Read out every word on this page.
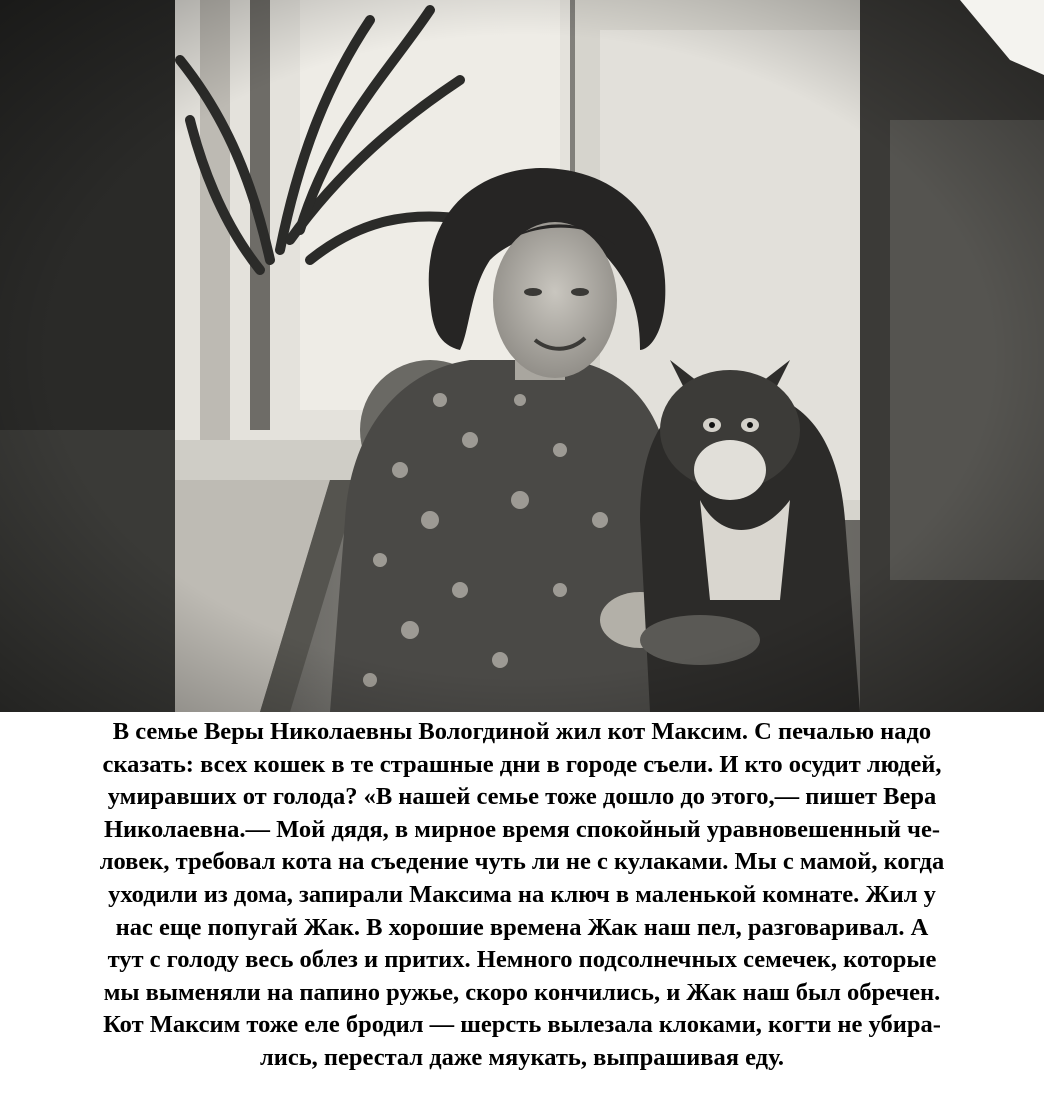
В семье Веры Николаевны Вологдиной жил кот Максим. С печалью надо
сказать: всех кошек в те страшные дни в городе съели. И кто осудит людей,
умиравших от голода? «В нашей семье тоже дошло до этого,— пишет Вера
Николаевна.— Мой дядя, в мирное время спокойный уравновешенный че-
ловек, требовал кота на съедение чуть ли не с кулаками. Мы с мамой, когда
уходили из дома, запирали Максима на ключ в маленькой комнате. Жил у
нас еще попугай Жак. В хорошие времена Жак наш пел, разговаривал. А
тут с голоду весь облез и притих. Немного подсолнечных семечек, которые
мы выменяли на папино ружье, скоро кончились, и Жак наш был обречен.
Кот Максим тоже еле бродил — шерсть вылезала клоками, когти не убира-
лись, перестал даже мяукать, выпрашивая еду.
